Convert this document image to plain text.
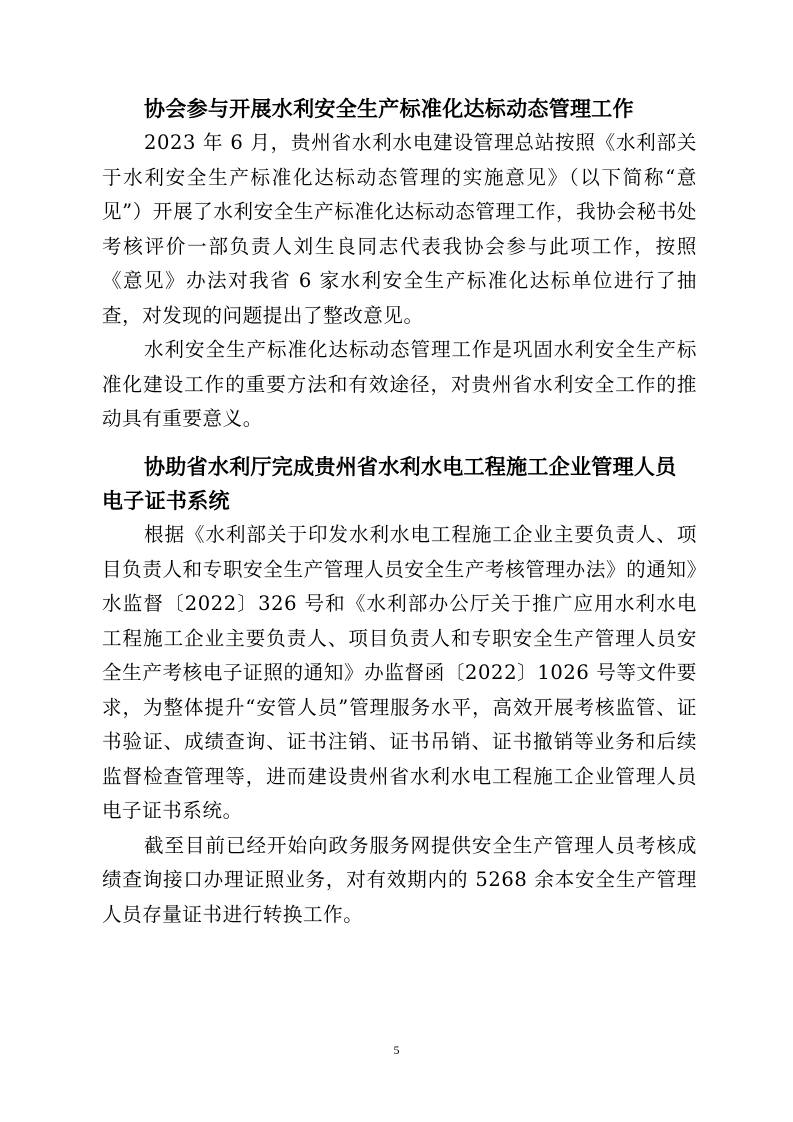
协会参与开展水利安全生产标准化达标动态管理工作

2023 年 6 月，贵州省水利水电建设管理总站按照《水利部关于水利安全生产标准化达标动态管理的实施意见》（以下简称“意见”）开展了水利安全生产标准化达标动态管理工作，我协会秘书处考核评价一部负责人刘生良同志代表我协会参与此项工作，按照《意见》办法对我省 6 家水利安全生产标准化达标单位进行了抽查，对发现的问题提出了整改意见。

水利安全生产标准化达标动态管理工作是巩固水利安全生产标准化建设工作的重要方法和有效途径，对贵州省水利安全工作的推动具有重要意义。

协助省水利厅完成贵州省水利水电工程施工企业管理人员电子证书系统

根据《水利部关于印发水利水电工程施工企业主要负责人、项目负责人和专职安全生产管理人员安全生产考核管理办法》的通知》水监督〔2022〕326 号和《水利部办公厅关于推广应用水利水电工程施工企业主要负责人、项目负责人和专职安全生产管理人员安全生产考核电子证照的通知》办监督函〔2022〕1026 号等文件要求，为整体提升“安管人员”管理服务水平，高效开展考核监管、证书验证、成绩查询、证书注销、证书吊销、证书撤销等业务和后续监督检查管理等，进而建设贵州省水利水电工程施工企业管理人员电子证书系统。

截至目前已经开始向政务服务网提供安全生产管理人员考核成绩查询接口办理证照业务，对有效期内的 5268 余本安全生产管理人员存量证书进行转换工作。

5
